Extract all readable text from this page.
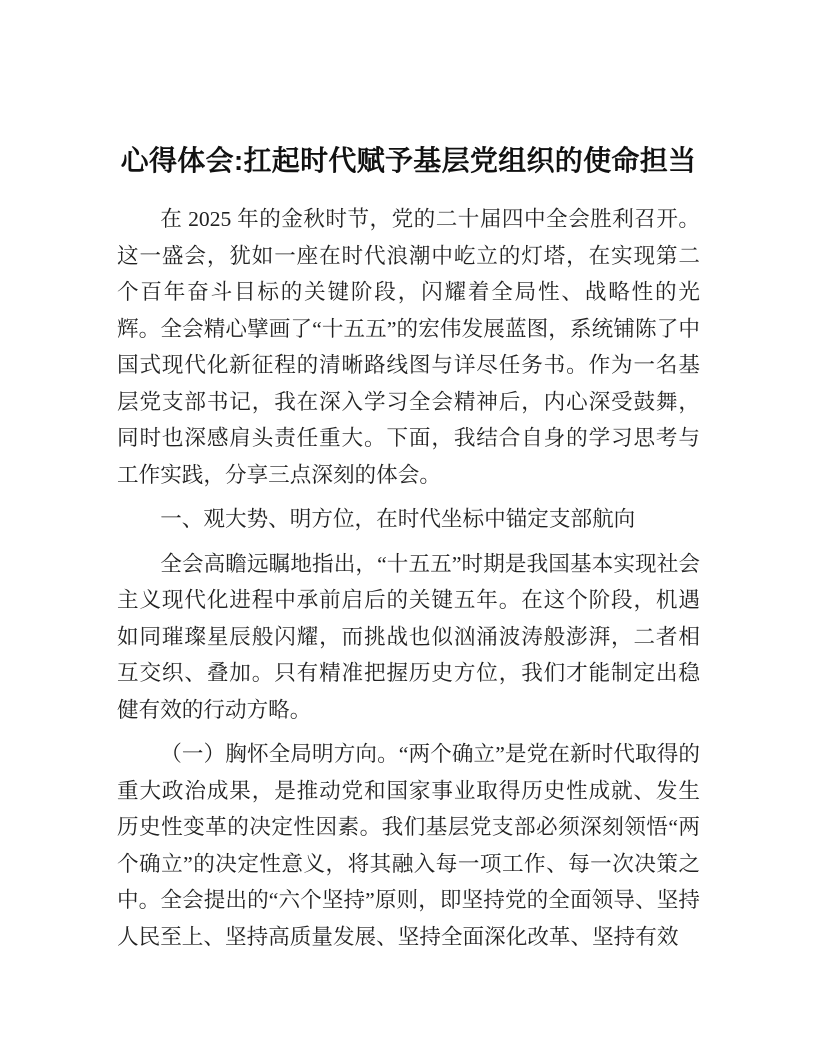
心得体会:扛起时代赋予基层党组织的使命担当

在 2025 年的金秋时节，党的二十届四中全会胜利召开。这一盛会，犹如一座在时代浪潮中屹立的灯塔，在实现第二个百年奋斗目标的关键阶段，闪耀着全局性、战略性的光辉。全会精心擘画了“十五五”的宏伟发展蓝图，系统铺陈了中国式现代化新征程的清晰路线图与详尽任务书。作为一名基层党支部书记，我在深入学习全会精神后，内心深受鼓舞，同时也深感肩头责任重大。下面，我结合自身的学习思考与工作实践，分享三点深刻的体会。

一、观大势、明方位，在时代坐标中锚定支部航向

全会高瞻远瞩地指出，“十五五”时期是我国基本实现社会主义现代化进程中承前启后的关键五年。在这个阶段，机遇如同璀璨星辰般闪耀，而挑战也似汹涌波涛般澎湃，二者相互交织、叠加。只有精准把握历史方位，我们才能制定出稳健有效的行动方略。

（一）胸怀全局明方向。“两个确立”是党在新时代取得的重大政治成果，是推动党和国家事业取得历史性成就、发生历史性变革的决定性因素。我们基层党支部必须深刻领悟“两个确立”的决定性意义，将其融入每一项工作、每一次决策之中。全会提出的“六个坚持”原则，即坚持党的全面领导、坚持人民至上、坚持高质量发展、坚持全面深化改革、坚持有效
